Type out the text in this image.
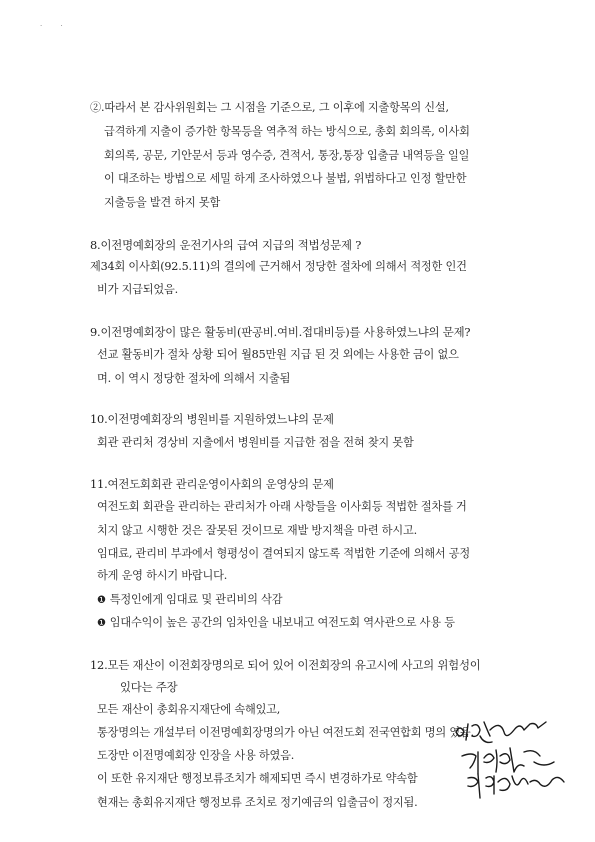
· ·
②.따라서 본 감사위원회는 그 시점을 기준으로, 그 이후에 지출항목의 신설,
급격하게 지출이 증가한 항목등을 역추적 하는 방식으로, 총회 회의록, 이사회
회의록, 공문, 기안문서 등과 영수증, 견적서, 통장,통장 입출금 내역등을 일일
이 대조하는 방법으로 세밀 하게 조사하였으나 불법, 위법하다고 인정 할만한
지출등을 발견 하지 못함
8.이전명예회장의 운전기사의 급여 지급의 적법성문제 ?
제34회 이사회(92.5.11)의 결의에 근거해서 정당한 절차에 의해서 적정한 인건
비가 지급되었음.
9.이전명예회장이 많은 활동비(판공비.여비.접대비등)를 사용하였느냐의 문제?
선교 활동비가 절차 상황 되어 월85만원 지급 된 것 외에는 사용한 금이 없으
며. 이 역시 정당한 절차에 의해서 지출됨
10.이전명예회장의 병원비를 지원하였느냐의 문제
회관 관리처 경상비 지출에서 병원비를 지급한 점을 전혀 찾지 못함
11.여전도회회관 관리운영이사회의 운영상의 문제
여전도회 회관을 관리하는 관리처가 아래 사항들을 이사회등 적법한 절차를 거
치지 않고 시행한 것은 잘못된 것이므로 재발 방지책을 마련 하시고.
임대료, 관리비 부과에서 형평성이 결여되지 않도록 적법한 기준에 의해서 공정
하게 운영 하시기 바랍니다.
❶ 특정인에게 임대료 및 관리비의 삭감
❶ 임대수익이 높은 공간의 임차인을 내보내고 여전도회 역사관으로 사용 등
12.모든 재산이 이전회장명의로 되어 있어 이전회장의 유고시에 사고의 위험성이
있다는 주장
모든 재산이 총회유지재단에 속해있고,
통장명의는 개설부터 이전명예회장명의가 아닌 여전도회 전국연합회 명의 였음.
도장만 이전명예회장 인장을 사용 하였음.
이 또한 유지재단 행정보류조치가 해제되면 즉시 변경하가로 약속함
현재는 총회유지재단 행정보류 조치로 정기예금의 입출금이 정지됨.
